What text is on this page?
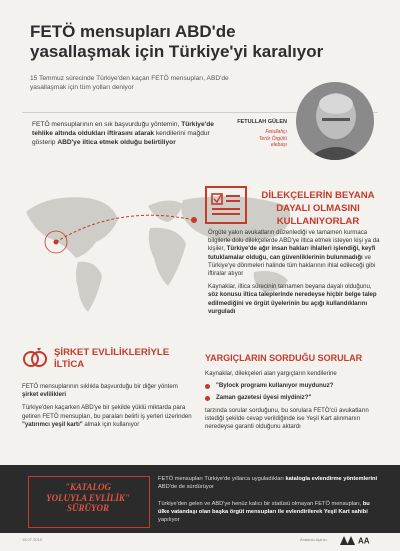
FETÖ mensupları ABD'de
yasallaşmak için Türkiye'yi karalıyor
15 Temmuz sürecinde Türkiye'den kaçan FETÖ mensupları, ABD'de yasallaşmak için tüm yolları deniyor
FETULLAH GÜLEN
Fetullahçı
Terör Örgütü
elebaşı
FETÖ mensuplarının en sık başvurduğu yöntemin, Türkiye'de tehlike altında oldukları iftirasını atarak kendilerini mağdur gösterip ABD'ye iltica etmek olduğu belirtiliyor
DİLEKÇELERİN BEYANA DAYALI OLMASINI KULLANIYORLAR

Örgüte yakın avukatların düzenlediği ve tamamen kurmaca bilgilerle dolu dilekçelerde ABD'ye iltica etmek isteyen kişi ya da kişiler, Türkiye'de ağır insan hakları ihlalleri işlendiği, keyfi tutuklamalar olduğu, can güvenliklerinin bulunmadığı ve Türkiye'ye dönmeleri halinde tüm haklarının ihlal edileceği gibi iftiralar atıyor

Kaynaklar, iltica sürecinin tamamen beyana dayalı olduğunu, söz konusu iltica taleplerinde neredeyse hiçbir belge talep edilmediğini ve örgüt üyelerinin bu açığı kullandıklarını vurguladı

ŞİRKET EVLİLİKLERİYLE İLTİCA

FETÖ mensuplarının sıklıkla başvurduğu bir diğer yöntem şirket evlilikleri

Türkiye'den kaçarken ABD'ye bir şekilde yüklü miktarda para getiren FETÖ mensupları, bu paraları belirli iş yerleri üzerinden "yatırımcı yeşil kartı" almak için kullanıyor

YARGIÇLARIN SORDUĞU SORULAR
Kaynaklar, dilekçeleri alan yargıçların kendilerine
"Bylock programı kullanıyor muydunuz?
Zaman gazetesi üyesi miydiniz?"
tarzında sorular sorduğunu, bu sorulara FETÖ'cü avukatların istediği şekilde cevap verildiğinde ise Yeşil Kart alınmanın neredeyse garanti olduğunu aktardı
"KATALOG
YOLUYLA EVLİLİK"
SÜRÜYOR
FETÖ mensupları Türkiye'de yıllarca uyguladıkları katalogla evlendirme yöntemlerini ABD'de de sürdürüyor
Türkiye'den gelen ve ABD'ye henüz kalıcı bir statüsü olmayan FETÖ mensupları, bu ülke vatandaşı olan başka örgüt mensupları ile evlendirilerek Yeşil Kart sahibi yapılıyor
15.07.2019	Anadolu Ajansı	AA
